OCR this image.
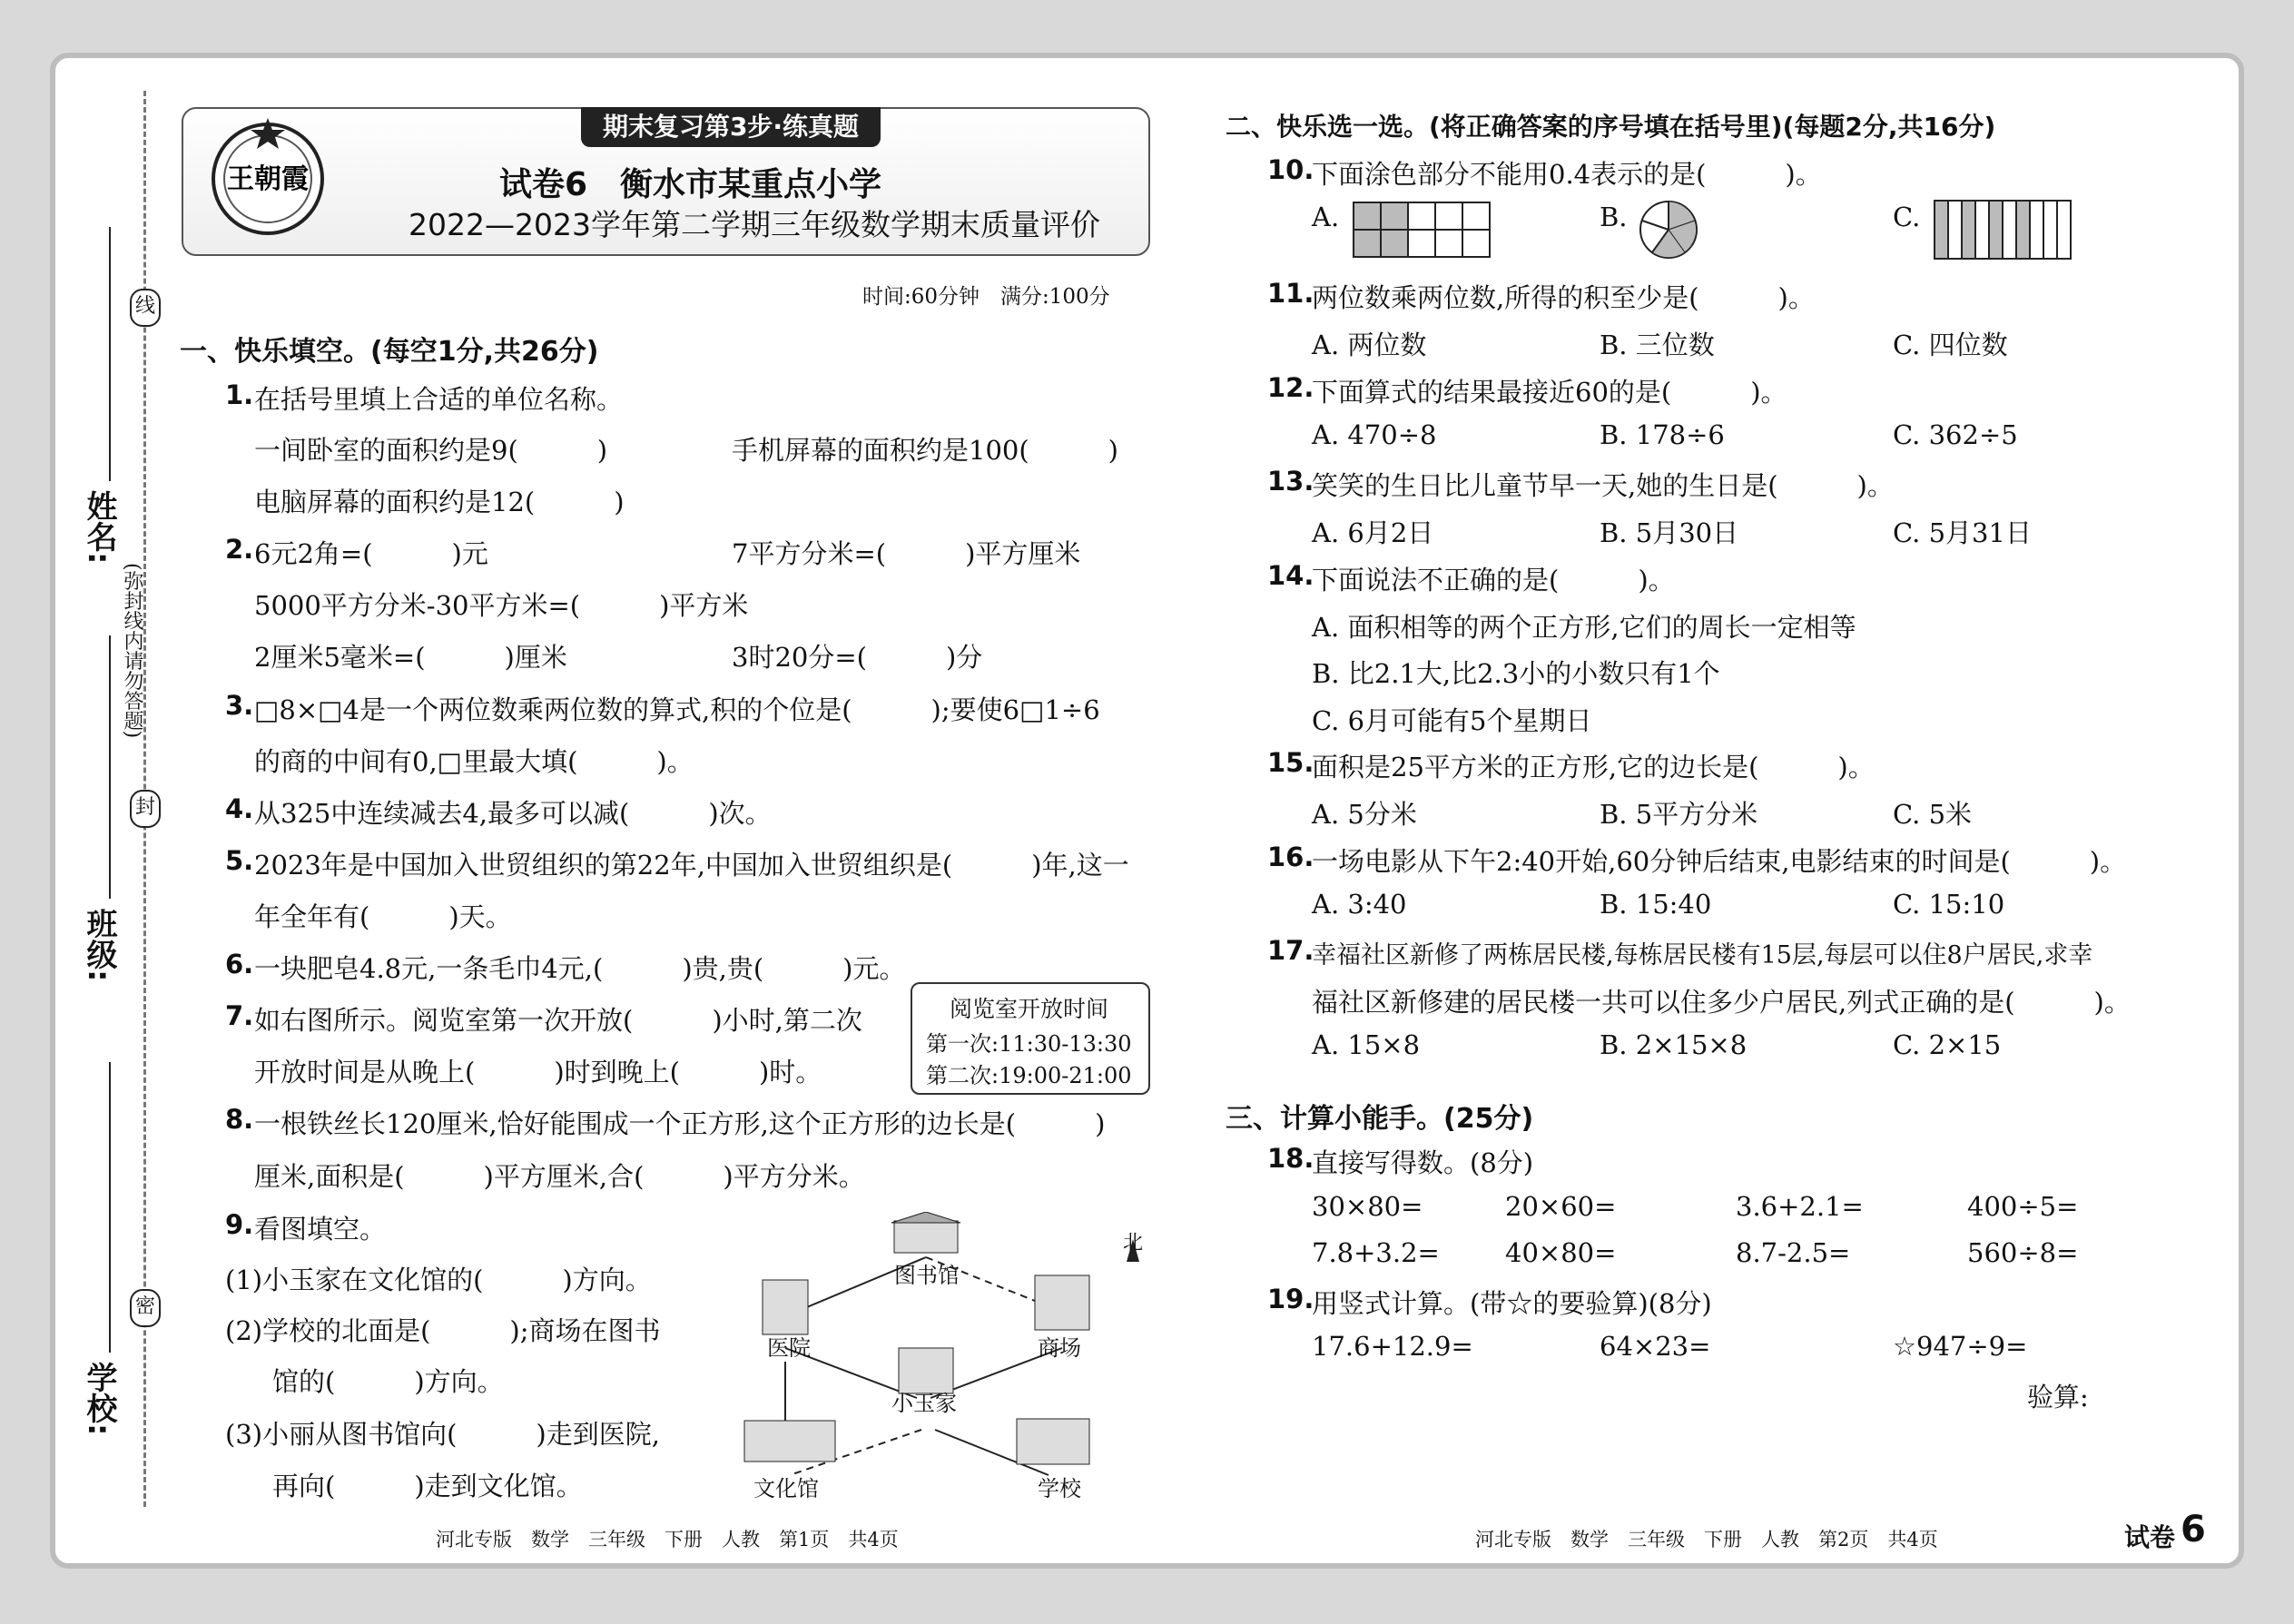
线
封
密
(弥封线内请勿答题)
姓名:
班级:
学校:
期末复习第3步·练真题
王朝霞	试卷6　衡水市某重点小学
2022—2023学年第二学期三年级数学期末质量评价
时间:60分钟　满分:100分
一、快乐填空。(每空1分,共26分)
1. 在括号里填上合适的单位名称。
一间卧室的面积约是9(　　　)	手机屏幕的面积约是100(　　　)
电脑屏幕的面积约是12(　　　)
2. 6元2角=(　　　)元	7平方分米=(　　　)平方厘米
5000平方分米-30平方米=(　　　)平方米
2厘米5毫米=(　　　)厘米	3时20分=(　　　)分
3. □8×□4是一个两位数乘两位数的算式,积的个位是(　　　);要使6□1÷6
的商的中间有0,□里最大填(　　　)。
4. 从325中连续减去4,最多可以减(　　　)次。
5. 2023年是中国加入世贸组织的第22年,中国加入世贸组织是(　　　)年,这一
年全年有(　　　)天。
6. 一块肥皂4.8元,一条毛巾4元,(　　　)贵,贵(　　　)元。
7. 如右图所示。阅览室第一次开放(　　　)小时,第二次
开放时间是从晚上(　　　)时到晚上(　　　)时。
阅览室开放时间
第一次:11:30-13:30
第二次:19:00-21:00
8. 一根铁丝长120厘米,恰好能围成一个正方形,这个正方形的边长是(　　　)
厘米,面积是(　　　)平方厘米,合(　　　)平方分米。
9. 看图填空。
(1)小玉家在文化馆的(　　　)方向。
(2)学校的北面是(　　　);商场在图书
馆的(　　　)方向。
(3)小丽从图书馆向(　　　)走到医院,
再向(　　　)走到文化馆。
图书馆
医院	商场
小玉家
文化馆	学校
北
河北专版　数学　三年级　下册　人教　第1页　共4页
二、快乐选一选。(将正确答案的序号填在括号里)(每题2分,共16分)
10.
下面涂色部分不能用0.4表示的是(　　　)。
A.	B.	C.
11.
两位数乘两位数,所得的积至少是(　　　)。
A. 两位数	B. 三位数	C. 四位数
12.
下面算式的结果最接近60的是(　　　)。
A. 470÷8	B. 178÷6	C. 362÷5
13.
笑笑的生日比儿童节早一天,她的生日是(　　　)。
A. 6月2日	B. 5月30日	C. 5月31日
14.
下面说法不正确的是(　　　)。
A. 面积相等的两个正方形,它们的周长一定相等
B. 比2.1大,比2.3小的小数只有1个
C. 6月可能有5个星期日
15.
面积是25平方米的正方形,它的边长是(　　　)。
A. 5分米	B. 5平方分米	C. 5米
16.
一场电影从下午2:40开始,60分钟后结束,电影结束的时间是(　　　)。
A. 3:40	B. 15:40	C. 15:10
17.
幸福社区新修了两栋居民楼,每栋居民楼有15层,每层可以住8户居民,求幸
福社区新修建的居民楼一共可以住多少户居民,列式正确的是(　　　)。
A. 15×8	B. 2×15×8	C. 2×15
三、计算小能手。(25分)
18.
直接写得数。(8分)
30×80=	20×60=	3.6+2.1=	400÷5=
7.8+3.2= 40×80=	8.7-2.5=	560÷8=
19.
用竖式计算。(带☆的要验算)(8分)
17.6+12.9=	64×23=	☆947÷9=
验算:
河北专版　数学　三年级　下册　人教　第2页　共4页	试卷 6
